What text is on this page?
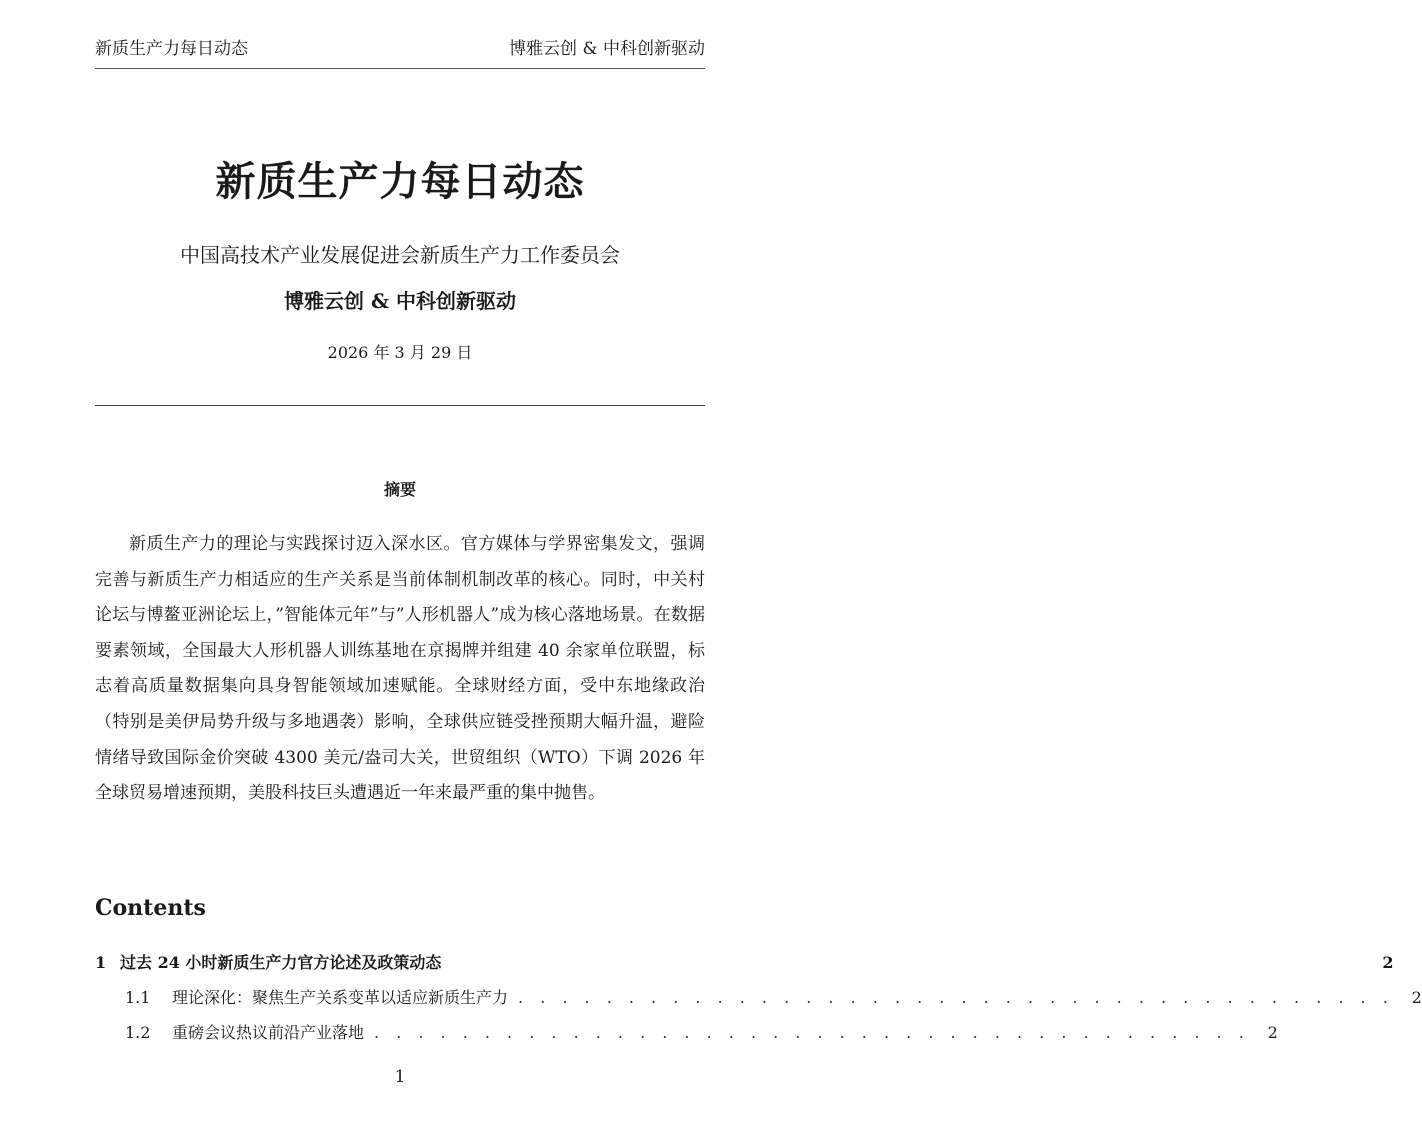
新质生产力每日动态	博雅云创 & 中科创新驱动
新质生产力每日动态
中国高技术产业发展促进会新质生产力工作委员会
博雅云创 & 中科创新驱动
2026 年 3 月 29 日
摘要

新质生产力的理论与实践探讨迈入深水区。官方媒体与学界密集发文，强调完善与新质生产力相适应的生产关系是当前体制机制改革的核心。同时，中关村论坛与博鳌亚洲论坛上，”智能体元年”与”人形机器人”成为核心落地场景。在数据要素领域，全国最大人形机器人训练基地在京揭牌并组建 40 余家单位联盟，标志着高质量数据集向具身智能领域加速赋能。全球财经方面，受中东地缘政治（特别是美伊局势升级与多地遇袭）影响，全球供应链受挫预期大幅升温，避险情绪导致国际金价突破 4300 美元/盎司大关，世贸组织（WTO）下调 2026 年全球贸易增速预期，美股科技巨头遭遇近一年来最严重的集中抛售。

Contents
1 过去 24 小时新质生产力官方论述及政策动态	2
1.1	理论深化：聚焦生产关系变革以适应新质生产力 . . . . . . . . . . . . . . . . . . . . . . . . . . . . . . . . . . . . . . . .	2
1.2	重磅会议热议前沿产业落地 . . . . . . . . . . . . . . . . . . . . . . . . . . . . . . . . . . . . . . . .	2
1
